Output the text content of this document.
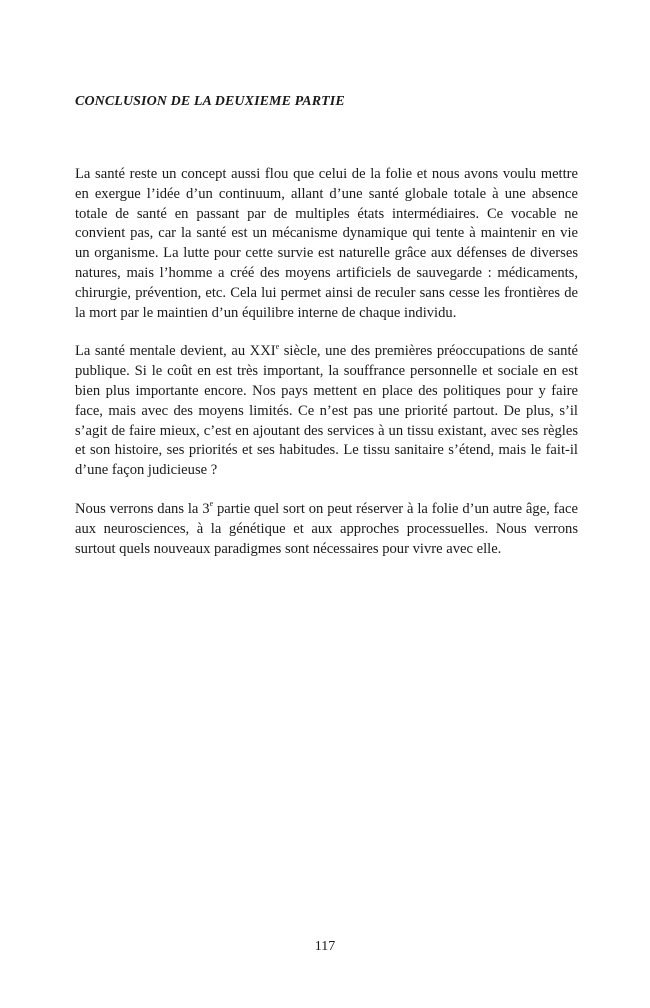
CONCLUSION DE LA DEUXIEME PARTIE

La santé reste un concept aussi flou que celui de la folie et nous avons voulu mettre en exergue l’idée d’un continuum, allant d’une santé globale totale à une absence totale de santé en passant par de multiples états intermédiaires. Ce vocable ne convient pas, car la santé est un mécanisme dynamique qui tente à maintenir en vie un organisme. La lutte pour cette survie est naturelle grâce aux défenses de diverses natures, mais l’homme a créé des moyens artificiels de sauvegarde : médicaments, chirurgie, prévention, etc. Cela lui permet ainsi de reculer sans cesse les frontières de la mort par le maintien d’un équilibre interne de chaque individu.

La santé mentale devient, au XXIe siècle, une des premières préoccupations de santé publique. Si le coût en est très important, la souffrance personnelle et sociale en est bien plus importante encore. Nos pays mettent en place des politiques pour y faire face, mais avec des moyens limités. Ce n’est pas une priorité partout. De plus, s’il s’agit de faire mieux, c’est en ajoutant des services à un tissu existant, avec ses règles et son histoire, ses priorités et ses habitudes. Le tissu sanitaire s’étend, mais le fait-il d’une façon judicieuse ?

Nous verrons dans la 3e partie quel sort on peut réserver à la folie d’un autre âge, face aux neurosciences, à la génétique et aux approches processuelles. Nous verrons surtout quels nouveaux paradigmes sont nécessaires pour vivre avec elle.

117
